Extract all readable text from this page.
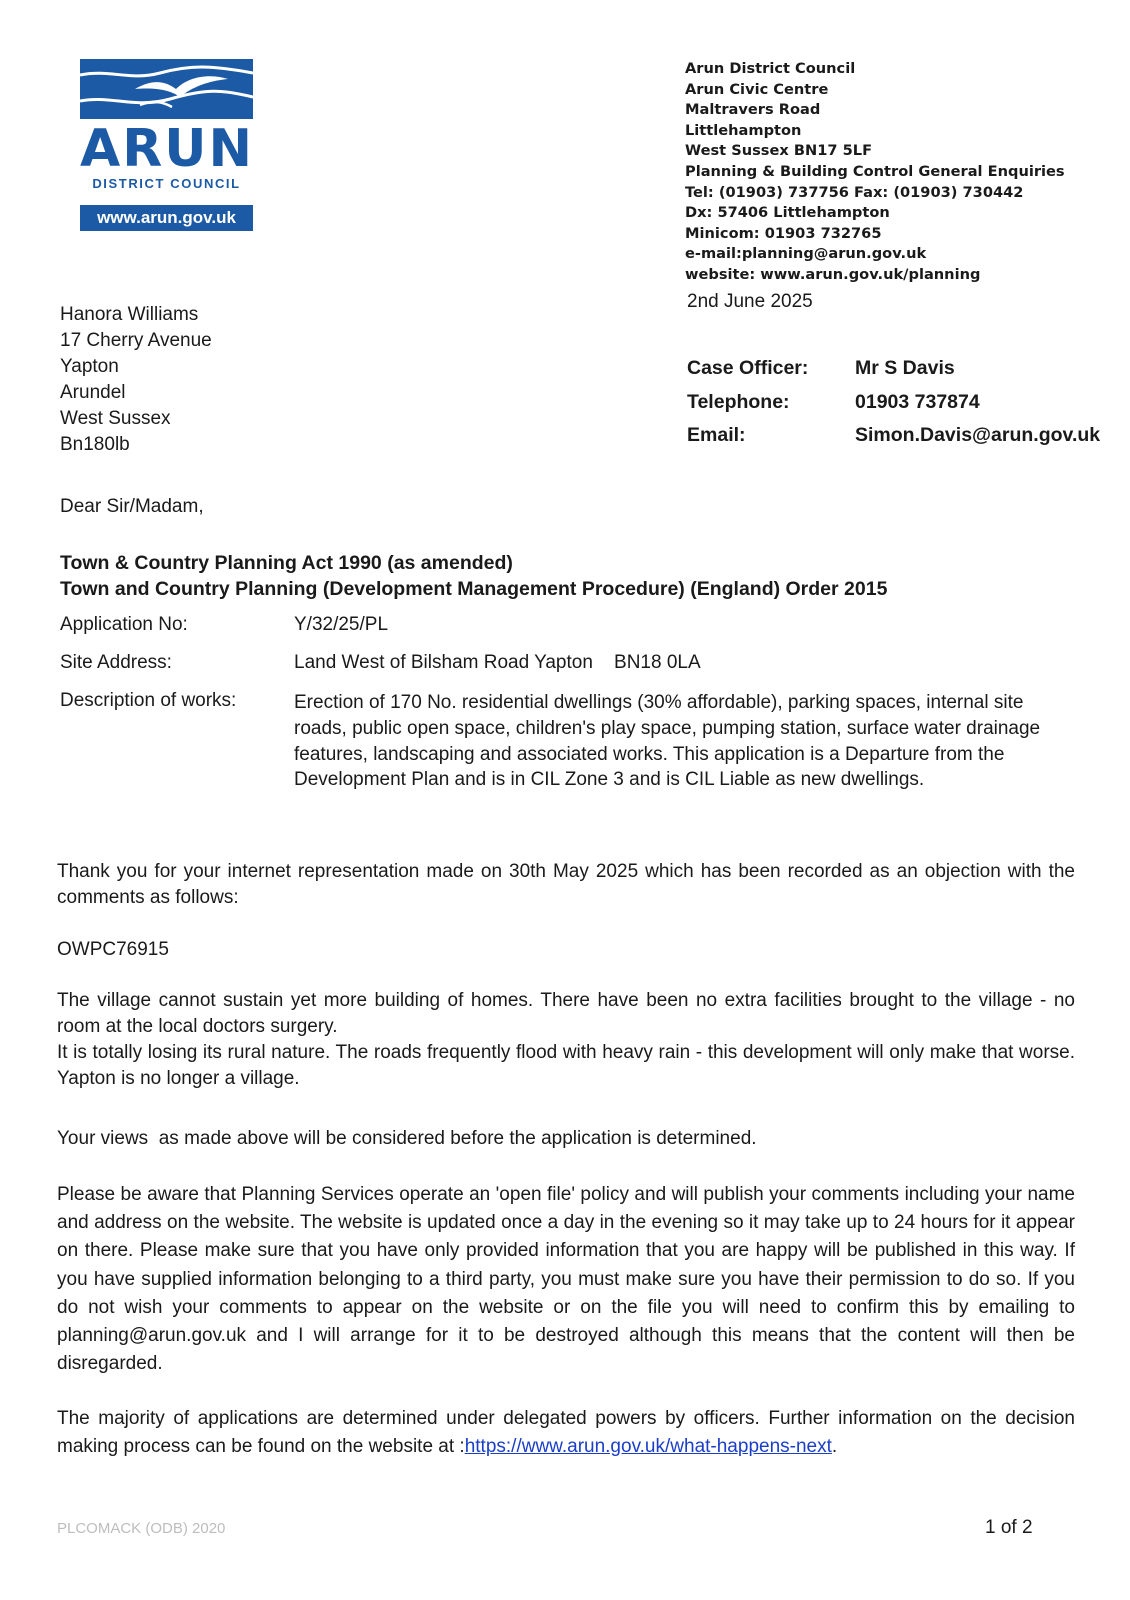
ARUN
DISTRICT COUNCIL
www.arun.gov.uk
Arun District Council
Arun Civic Centre
Maltravers Road
Littlehampton
West Sussex BN17 5LF
Planning & Building Control General Enquiries
Tel: (01903) 737756 Fax: (01903) 730442
Dx: 57406 Littlehampton
Minicom: 01903 732765
e-mail:planning@arun.gov.uk
website: www.arun.gov.uk/planning
2nd June 2025
Hanora Williams
17 Cherry Avenue
Yapton
Arundel
West Sussex
Bn180lb
Case Officer:	Mr S Davis
Telephone:	01903 737874
Email:	Simon.Davis@arun.gov.uk
Dear Sir/Madam,
Town & Country Planning Act 1990 (as amended)
Town and Country Planning (Development Management Procedure) (England) Order 2015
Application No:	Y/32/25/PL
Site Address:	Land West of Bilsham Road Yapton    BN18 0LA
Description of works:	Erection of 170 No. residential dwellings (30% affordable), parking spaces, internal site roads, public open space, children's play space, pumping station, surface water drainage features, landscaping and associated works. This application is a Departure from the Development Plan and is in CIL Zone 3 and is CIL Liable as new dwellings.
Thank you for your internet representation made on 30th May 2025 which has been recorded as an objection with the comments as follows:
OWPC76915
The village cannot sustain yet more building of homes. There have been no extra facilities brought to the village - no room at the local doctors surgery.
It is totally losing its rural nature. The roads frequently flood with heavy rain - this development will only make that worse. Yapton is no longer a village.
Your views  as made above will be considered before the application is determined.
Please be aware that Planning Services operate an 'open file' policy and will publish your comments including your name and address on the website. The website is updated once a day in the evening so it may take up to 24 hours for it appear on there. Please make sure that you have only provided information that you are happy will be published in this way. If you have supplied information belonging to a third party, you must make sure you have their permission to do so. If you do not wish your comments to appear on the website or on the file you will need to confirm this by emailing to planning@arun.gov.uk and I will arrange for it to be destroyed although this means that the content will then be disregarded.
The majority of applications are determined under delegated powers by officers. Further information on the decision making process can be found on the website at :https://www.arun.gov.uk/what-happens-next.
PLCOMACK (ODB) 2020	1 of 2
